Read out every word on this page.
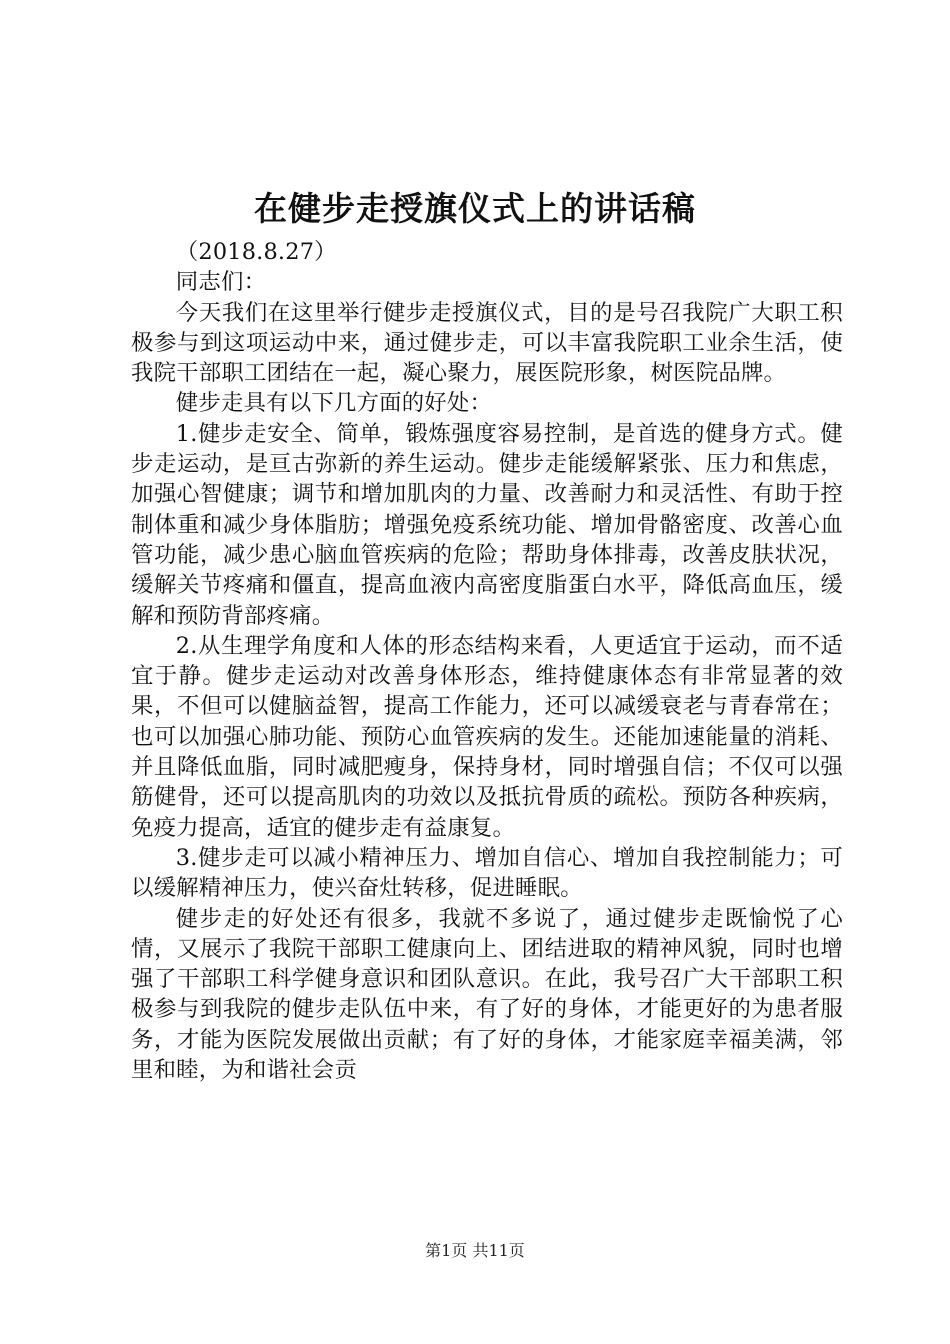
在健步走授旗仪式上的讲话稿

（2018.8.27）

同志们：

今天我们在这里举行健步走授旗仪式，目的是号召我院广大职工积极参与到这项运动中来，通过健步走，可以丰富我院职工业余生活，使我院干部职工团结在一起，凝心聚力，展医院形象，树医院品牌。

健步走具有以下几方面的好处：

1.健步走安全、简单，锻炼强度容易控制，是首选的健身方式。健步走运动，是亘古弥新的养生运动。健步走能缓解紧张、压力和焦虑，加强心智健康；调节和增加肌肉的力量、改善耐力和灵活性、有助于控制体重和减少身体脂肪；增强免疫系统功能、增加骨骼密度、改善心血管功能，减少患心脑血管疾病的危险；帮助身体排毒，改善皮肤状况，缓解关节疼痛和僵直，提高血液内高密度脂蛋白水平，降低高血压，缓解和预防背部疼痛。

2.从生理学角度和人体的形态结构来看，人更适宜于运动，而不适宜于静。健步走运动对改善身体形态，维持健康体态有非常显著的效果，不但可以健脑益智，提高工作能力，还可以减缓衰老与青春常在；也可以加强心肺功能、预防心血管疾病的发生。还能加速能量的消耗、并且降低血脂，同时减肥瘦身，保持身材，同时增强自信；不仅可以强筋健骨，还可以提高肌肉的功效以及抵抗骨质的疏松。预防各种疾病，免疫力提高，适宜的健步走有益康复。

3.健步走可以减小精神压力、增加自信心、增加自我控制能力；可以缓解精神压力，使兴奋灶转移，促进睡眠。

健步走的好处还有很多，我就不多说了，通过健步走既愉悦了心情，又展示了我院干部职工健康向上、团结进取的精神风貌，同时也增强了干部职工科学健身意识和团队意识。在此，我号召广大干部职工积极参与到我院的健步走队伍中来，有了好的身体，才能更好的为患者服务，才能为医院发展做出贡献；有了好的身体，才能家庭幸福美满，邻里和睦，为和谐社会贡

第1页 共11页
